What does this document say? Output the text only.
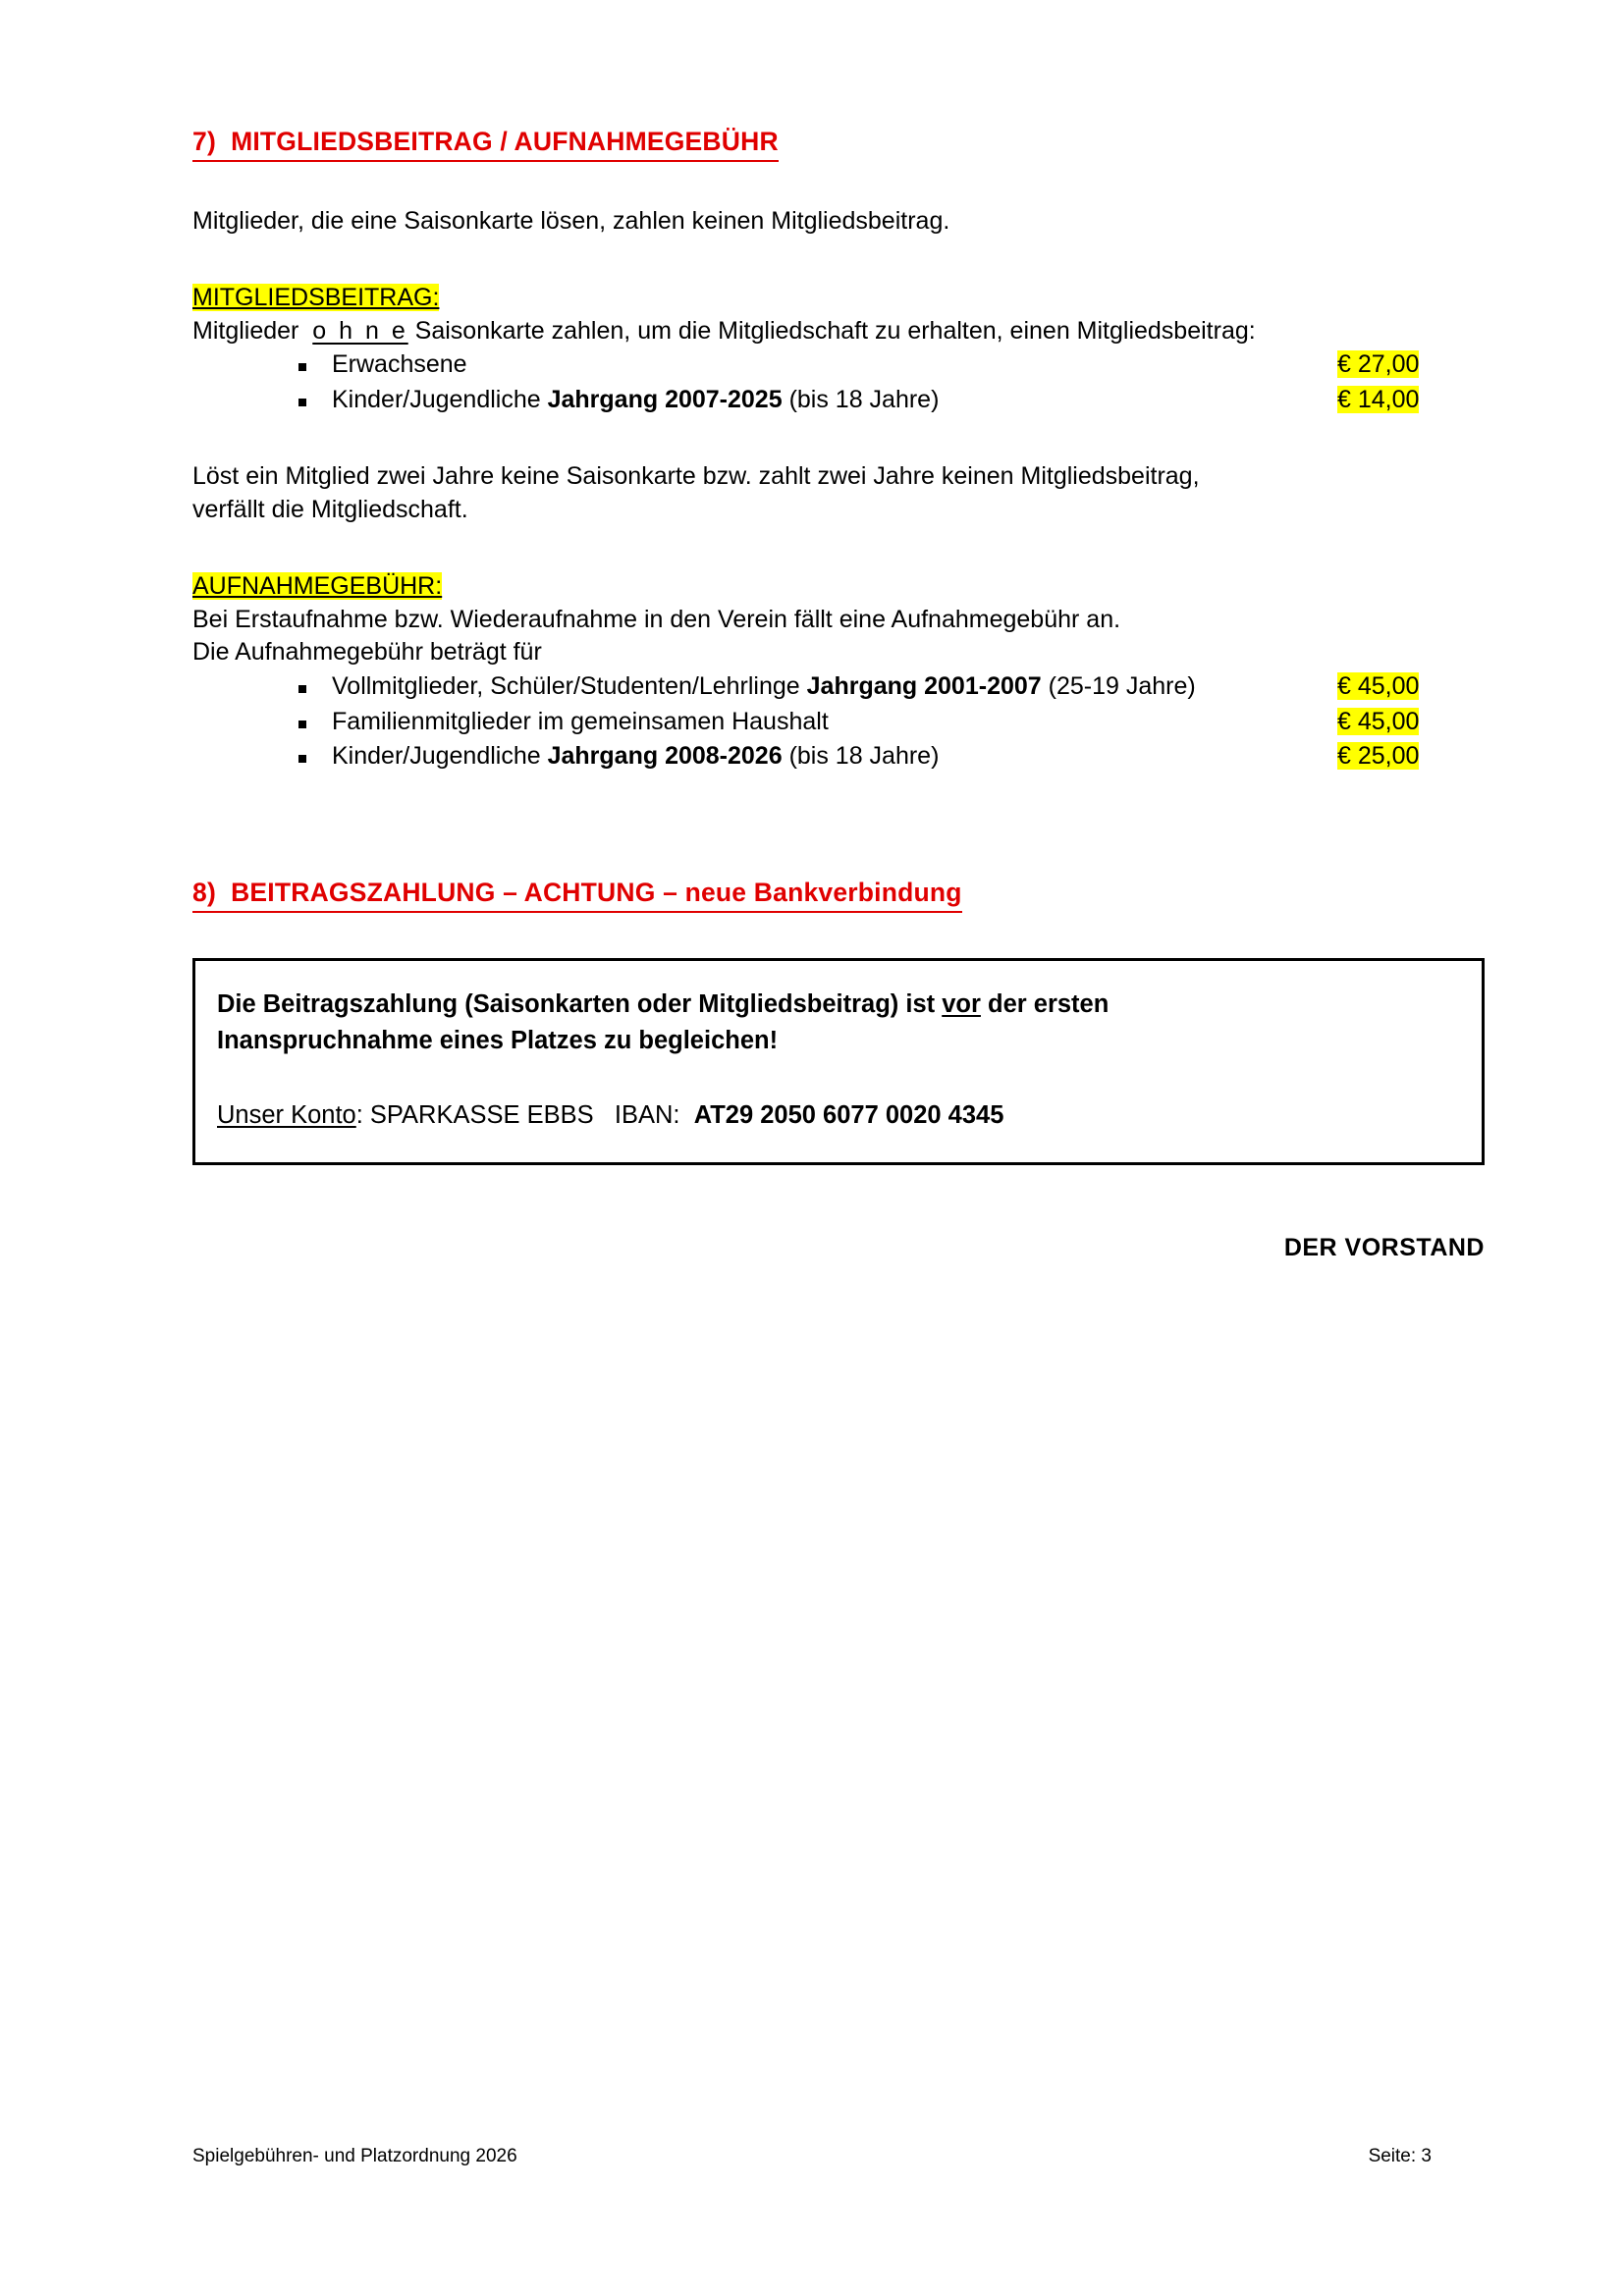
7)  MITGLIEDSBEITRAG / AUFNAHMEGEBÜHR

Mitglieder, die eine Saisonkarte lösen, zahlen keinen Mitgliedsbeitrag.

MITGLIEDSBEITRAG:

Mitglieder  o h n e Saisonkarte zahlen, um die Mitgliedschaft zu erhalten, einen Mitgliedsbeitrag:

Erwachsene	€ 27,00
Kinder/Jugendliche Jahrgang 2007-2025 (bis 18 Jahre)	€ 14,00

Löst ein Mitglied zwei Jahre keine Saisonkarte bzw. zahlt zwei Jahre keinen Mitgliedsbeitrag,

verfällt die Mitgliedschaft.

AUFNAHMEGEBÜHR:

Bei Erstaufnahme bzw. Wiederaufnahme in den Verein fällt eine Aufnahmegebühr an.

Die Aufnahmegebühr beträgt für

Vollmitglieder, Schüler/Studenten/Lehrlinge Jahrgang 2001-2007 (25-19 Jahre)	€ 45,00
Familienmitglieder im gemeinsamen Haushalt	€ 45,00
Kinder/Jugendliche Jahrgang 2008-2026 (bis 18 Jahre)	€ 25,00
8)  BEITRAGSZAHLUNG – ACHTUNG – neue Bankverbindung

Die Beitragszahlung (Saisonkarten oder Mitgliedsbeitrag) ist vor der ersten

Inanspruchnahme eines Platzes zu begleichen!

Unser Konto: SPARKASSE EBBS IBAN:  AT29 2050 6077 0020 4345

DER VORSTAND
Spielgebühren- und Platzordnung 2026	Seite: 3
